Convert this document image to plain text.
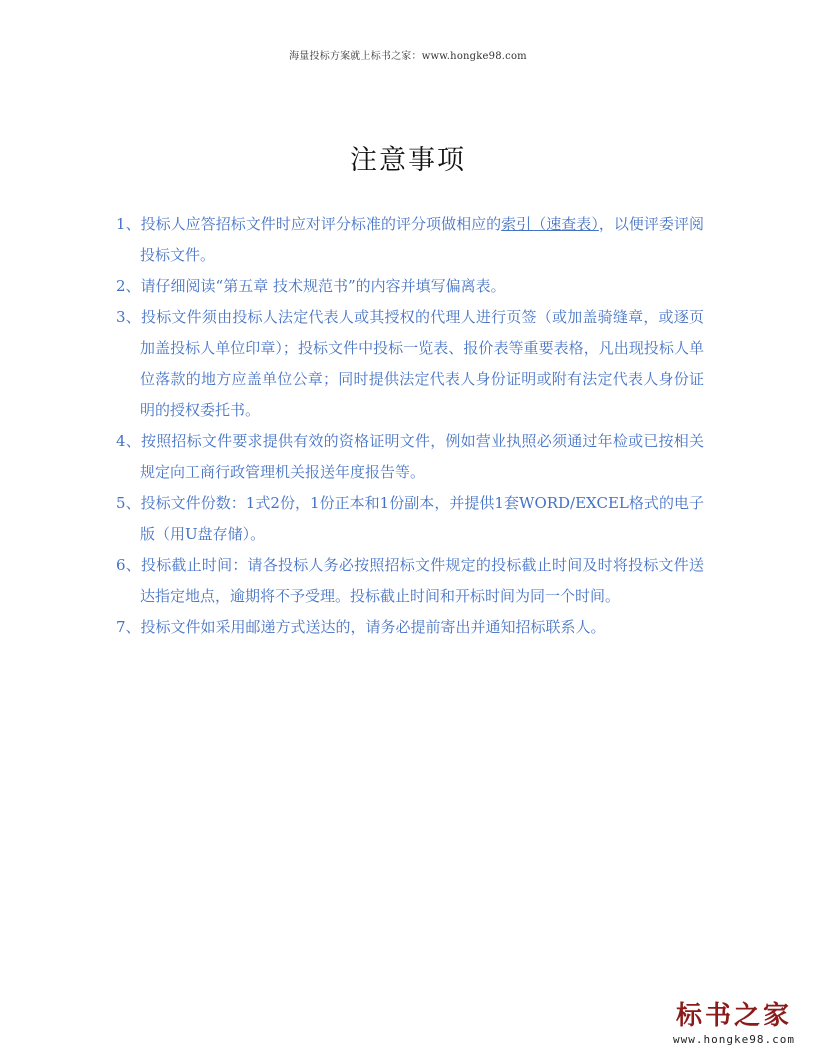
海量投标方案就上标书之家：www.hongke98.com
注意事项
1、投标人应答招标文件时应对评分标准的评分项做相应的索引（速查表），以便评委评阅投标文件。
2、请仔细阅读“第五章 技术规范书”的内容并填写偏离表。
3、投标文件须由投标人法定代表人或其授权的代理人进行页签（或加盖骑缝章，或逐页加盖投标人单位印章）；投标文件中投标一览表、报价表等重要表格，凡出现投标人单位落款的地方应盖单位公章；同时提供法定代表人身份证明或附有法定代表人身份证明的授权委托书。
4、按照招标文件要求提供有效的资格证明文件，例如营业执照必须通过年检或已按相关规定向工商行政管理机关报送年度报告等。
5、投标文件份数：1式2份，1份正本和1份副本，并提供1套WORD/EXCEL格式的电子版（用U盘存储）。
6、投标截止时间：请各投标人务必按照招标文件规定的投标截止时间及时将投标文件送达指定地点，逾期将不予受理。投标截止时间和开标时间为同一个时间。
7、投标文件如采用邮递方式送达的，请务必提前寄出并通知招标联系人。
标书之家
www.hongke98.com
